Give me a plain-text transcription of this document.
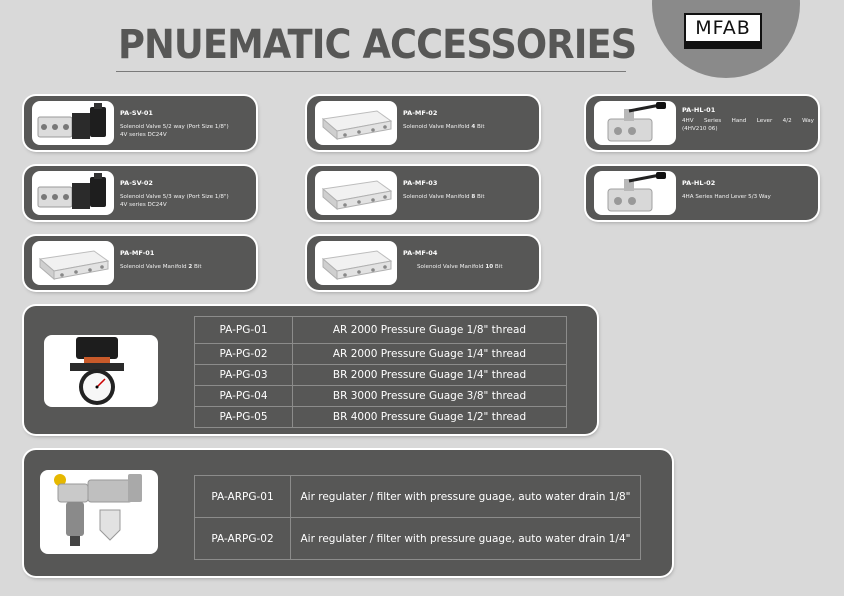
MFAB
PNUEMATIC ACCESSORIES
PA-SV-01
Solenoid Valve 5/2 way (Port Size 1/8")
4V series DC24V
PA-SV-02
Solenoid Valve 5/3 way (Port Size 1/8")
4V series DC24V
PA-MF-01
Solenoid Valve Manifold 2 Bit
PA-MF-02
Solenoid Valve Manifold 4 Bit
PA-MF-03
Solenoid Valve Manifold 8 Bit
PA-MF-04
Solenoid Valve Manifold 10 Bit
PA-HL-01
4HV Series Hand Lever 4/2 Way
(4HV210 06)
PA-HL-02
4HA Series Hand Lever 5/3 Way
PA-PG-01	AR 2000 Pressure Guage 1/8" thread
PA-PG-02	AR 2000 Pressure Guage 1/4" thread
PA-PG-03	BR 2000 Pressure Guage 1/4" thread
PA-PG-04	BR 3000 Pressure Guage 3/8" thread
PA-PG-05	BR 4000 Pressure Guage 1/2" thread
PA-ARPG-01	Air regulater / filter with pressure guage, auto water drain 1/8"
PA-ARPG-02	Air regulater / filter with pressure guage, auto water drain 1/4"
